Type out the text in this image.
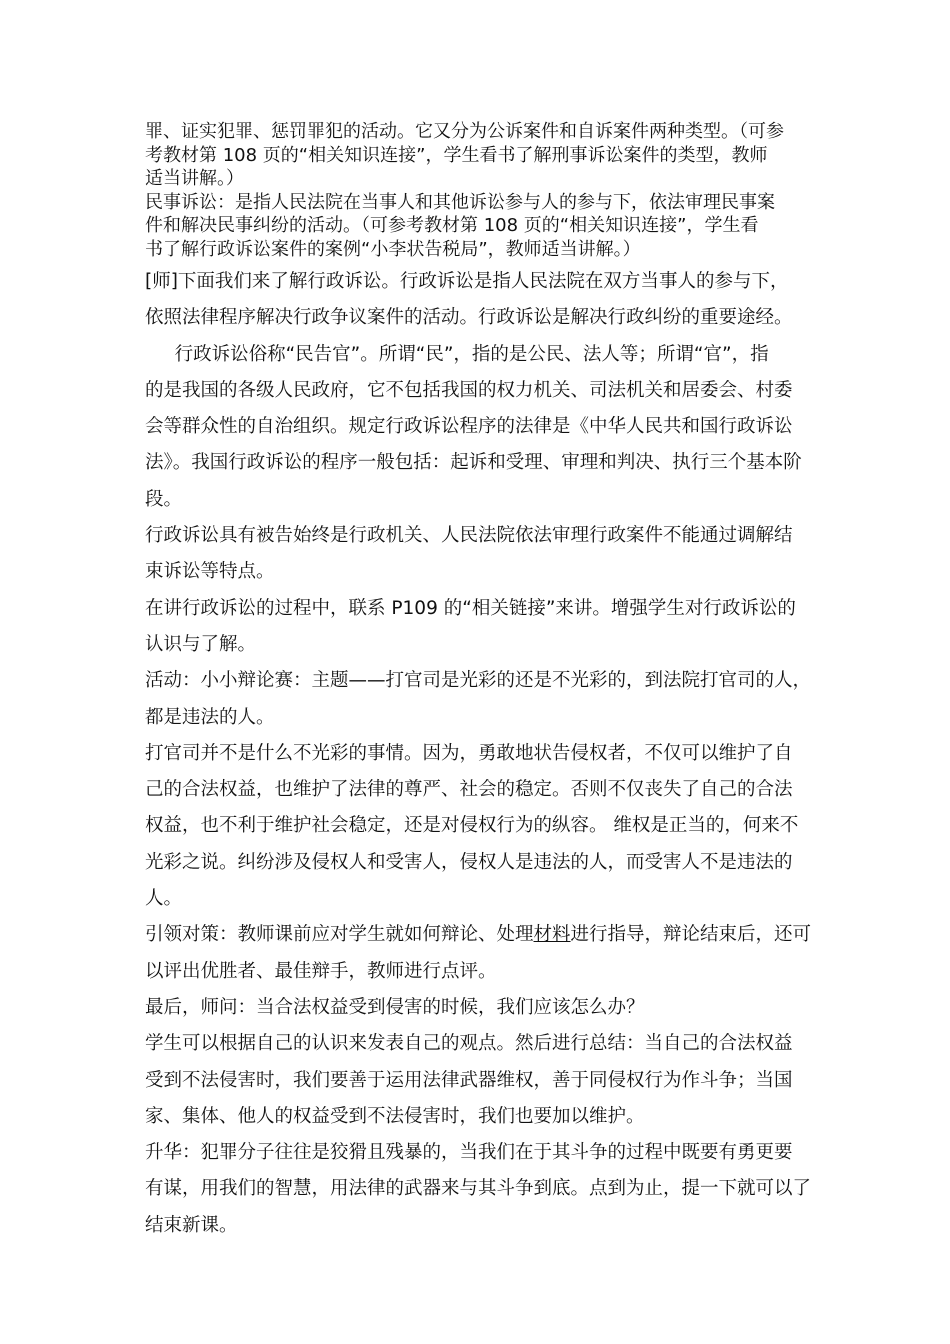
罪、证实犯罪、惩罚罪犯的活动。它又分为公诉案件和自诉案件两种类型。（可参
考教材第 108 页的“相关知识连接”，学生看书了解刑事诉讼案件的类型，教师
适当讲解。）

民事诉讼：是指人民法院在当事人和其他诉讼参与人的参与下，依法审理民事案
件和解决民事纠纷的活动。（可参考教材第 108 页的“相关知识连接”，学生看
书了解行政诉讼案件的案例“小李状告税局”，教师适当讲解。）

[师]下面我们来了解行政诉讼。行政诉讼是指人民法院在双方当事人的参与下，
依照法律程序解决行政争议案件的活动。行政诉讼是解决行政纠纷的重要途经。

行政诉讼俗称“民告官”。所谓“民”，指的是公民、法人等；所谓“官”，指
的是我国的各级人民政府，它不包括我国的权力机关、司法机关和居委会、村委
会等群众性的自治组织。规定行政诉讼程序的法律是《中华人民共和国行政诉讼
法》。我国行政诉讼的程序一般包括：起诉和受理、审理和判决、执行三个基本阶段。
行政诉讼具有被告始终是行政机关、人民法院依法审理行政案件不能通过调解结
束诉讼等特点。

在讲行政诉讼的过程中，联系 P109 的“相关链接”来讲。增强学生对行政诉讼的
认识与了解。

活动：小小辩论赛：主题——打官司是光彩的还是不光彩的，到法院打官司的人，
都是违法的人。

打官司并不是什么不光彩的事情。因为，勇敢地状告侵权者，不仅可以维护了自
己的合法权益，也维护了法律的尊严、社会的稳定。否则不仅丧失了自己的合法
权益，也不利于维护社会稳定，还是对侵权行为的纵容。 维权是正当的，何来不
光彩之说。纠纷涉及侵权人和受害人，侵权人是违法的人，而受害人不是违法的
人。

引领对策：教师课前应对学生就如何辩论、处理材料进行指导，辩论结束后，还可
以评出优胜者、最佳辩手，教师进行点评。

最后，师问：当合法权益受到侵害的时候，我们应该怎么办？

学生可以根据自己的认识来发表自己的观点。然后进行总结：当自己的合法权益
受到不法侵害时，我们要善于运用法律武器维权，善于同侵权行为作斗争；当国
家、集体、他人的权益受到不法侵害时，我们也要加以维护。

升华：犯罪分子往往是狡猾且残暴的，当我们在于其斗争的过程中既要有勇更要
有谋，用我们的智慧，用法律的武器来与其斗争到底。点到为止，提一下就可以了
结束新课。
